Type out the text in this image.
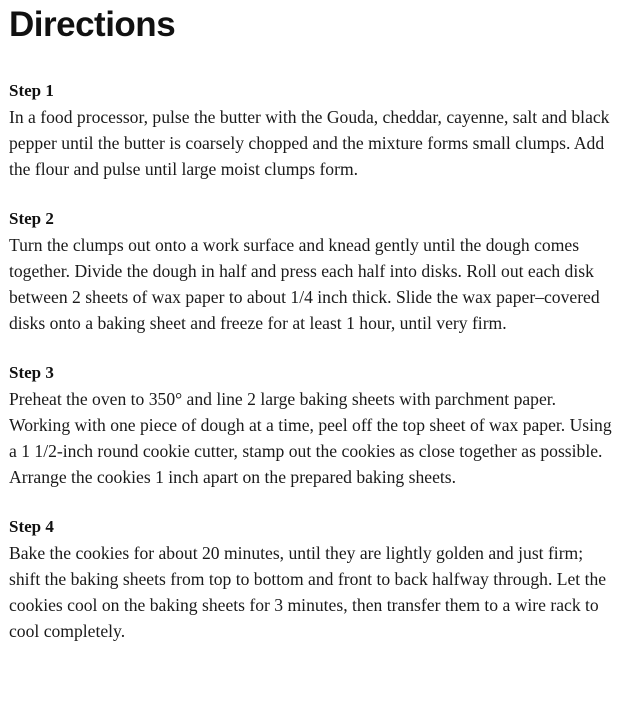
Directions
Step 1

In a food processor, pulse the butter with the Gouda, cheddar, cayenne, salt and black pepper until the butter is coarsely chopped and the mixture forms small clumps. Add the flour and pulse until large moist clumps form.

Step 2

Turn the clumps out onto a work surface and knead gently until the dough comes together. Divide the dough in half and press each half into disks. Roll out each disk between 2 sheets of wax paper to about 1/4 inch thick. Slide the wax paper–covered disks onto a baking sheet and freeze for at least 1 hour, until very firm.

Step 3

Preheat the oven to 350° and line 2 large baking sheets with parchment paper. Working with one piece of dough at a time, peel off the top sheet of wax paper. Using a 1 1/2-inch round cookie cutter, stamp out the cookies as close together as possible. Arrange the cookies 1 inch apart on the prepared baking sheets.

Step 4

Bake the cookies for about 20 minutes, until they are lightly golden and just firm; shift the baking sheets from top to bottom and front to back halfway through. Let the cookies cool on the baking sheets for 3 minutes, then transfer them to a wire rack to cool completely.
